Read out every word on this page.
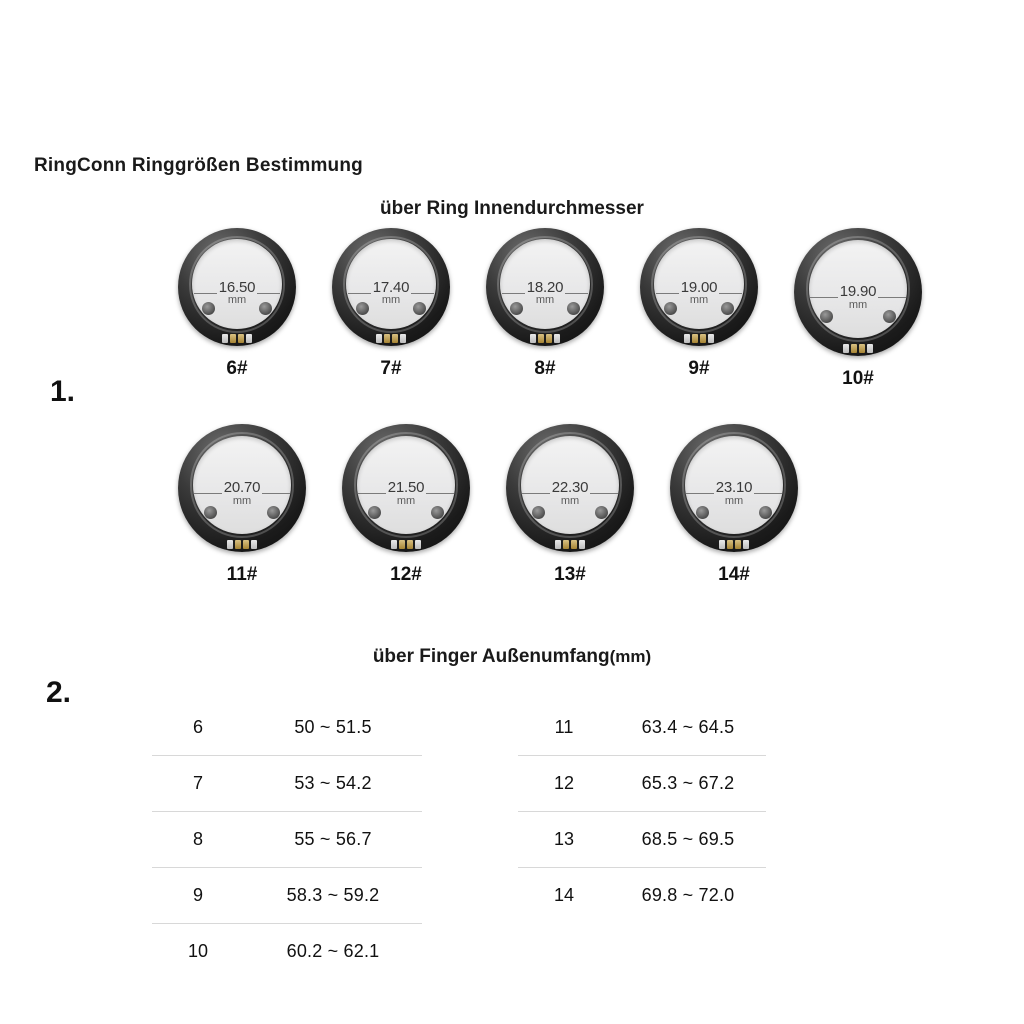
RingConn Ringgrößen Bestimmung
über Ring Innendurchmesser
1.
2.
16.50
mm
6#
17.40
mm
7#
18.20
mm
8#
19.00
mm
9#
19.90
mm
10#
20.70
mm
11#
21.50
mm
12#
22.30
mm
13#
23.10
mm
14#
über Finger Außenumfang(mm)
6	50 ~ 51.5
7	53 ~ 54.2
8	55 ~ 56.7
9	58.3 ~ 59.2
10	60.2 ~ 62.1
11	63.4 ~ 64.5
12	65.3 ~ 67.2
13	68.5 ~ 69.5
14	69.8 ~ 72.0
